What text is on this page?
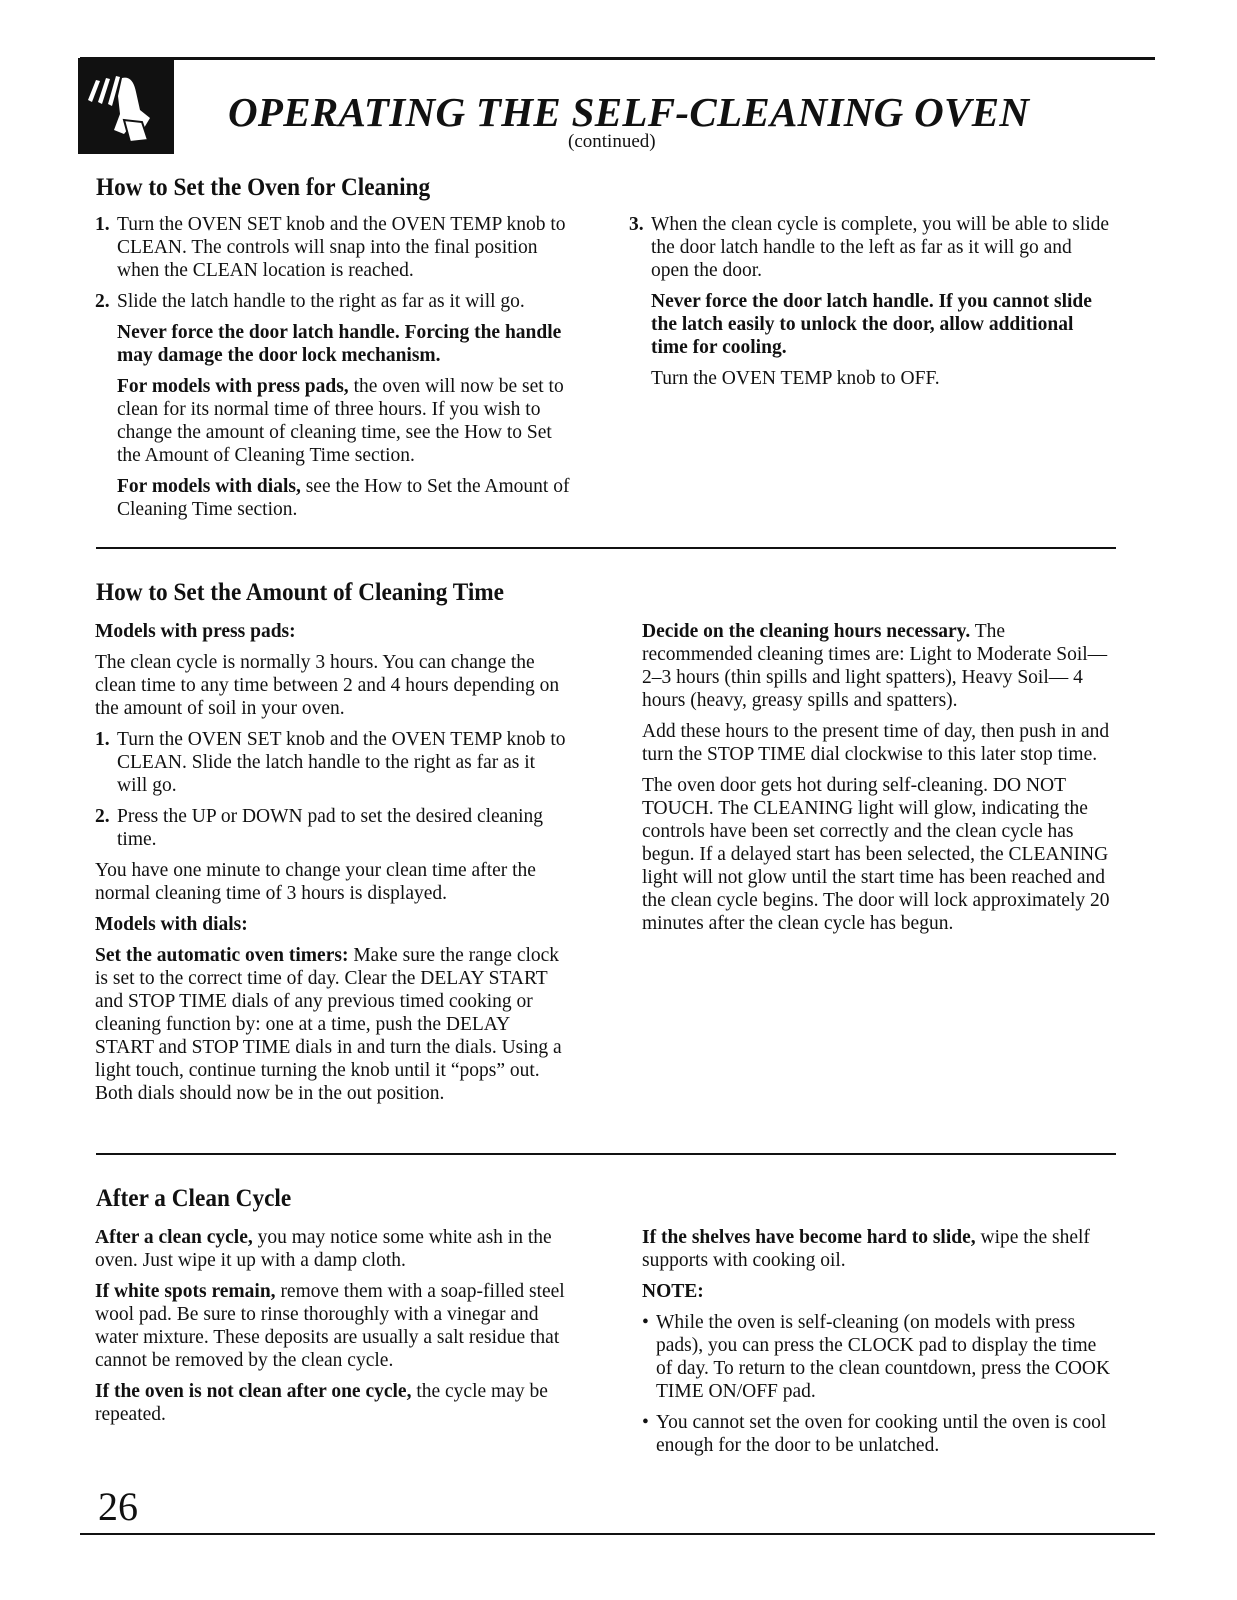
OPERATING THE SELF-CLEANING OVEN
(continued)
How to Set the Oven for Cleaning
1. Turn the OVEN SET knob and the OVEN TEMP knob to CLEAN. The controls will snap into the final position when the CLEAN location is reached.
2. Slide the latch handle to the right as far as it will go.

Never force the door latch handle. Forcing the handle may damage the door lock mechanism.

For models with press pads, the oven will now be set to clean for its normal time of three hours. If you wish to change the amount of cleaning time, see the How to Set the Amount of Cleaning Time section.

For models with dials, see the How to Set the Amount of Cleaning Time section.

3. When the clean cycle is complete, you will be able to slide the door latch handle to the left as far as it will go and open the door.

Never force the door latch handle. If you cannot slide the latch easily to unlock the door, allow additional time for cooling.

Turn the OVEN TEMP knob to OFF.

How to Set the Amount of Cleaning Time

Models with press pads:

The clean cycle is normally 3 hours. You can change the clean time to any time between 2 and 4 hours depending on the amount of soil in your oven.

1. Turn the OVEN SET knob and the OVEN TEMP knob to CLEAN. Slide the latch handle to the right as far as it will go.
2. Press the UP or DOWN pad to set the desired cleaning time.

You have one minute to change your clean time after the normal cleaning time of 3 hours is displayed.

Models with dials:

Set the automatic oven timers: Make sure the range clock is set to the correct time of day. Clear the DELAY START and STOP TIME dials of any previous timed cooking or cleaning function by: one at a time, push the DELAY START and STOP TIME dials in and turn the dials. Using a light touch, continue turning the knob until it “pops” out. Both dials should now be in the out position.

Decide on the cleaning hours necessary. The recommended cleaning times are: Light to Moderate Soil— 2–3 hours (thin spills and light spatters), Heavy Soil— 4 hours (heavy, greasy spills and spatters).

Add these hours to the present time of day, then push in and turn the STOP TIME dial clockwise to this later stop time.

The oven door gets hot during self-cleaning. DO NOT TOUCH. The CLEANING light will glow, indicating the controls have been set correctly and the clean cycle has begun. If a delayed start has been selected, the CLEANING light will not glow until the start time has been reached and the clean cycle begins. The door will lock approximately 20 minutes after the clean cycle has begun.

After a Clean Cycle

After a clean cycle, you may notice some white ash in the oven. Just wipe it up with a damp cloth.

If white spots remain, remove them with a soap-filled steel wool pad. Be sure to rinse thoroughly with a vinegar and water mixture. These deposits are usually a salt residue that cannot be removed by the clean cycle.

If the oven is not clean after one cycle, the cycle may be repeated.

If the shelves have become hard to slide, wipe the shelf supports with cooking oil.

NOTE:

• While the oven is self-cleaning (on models with press pads), you can press the CLOCK pad to display the time of day. To return to the clean countdown, press the COOK TIME ON/OFF pad.
• You cannot set the oven for cooking until the oven is cool enough for the door to be unlatched.
26
